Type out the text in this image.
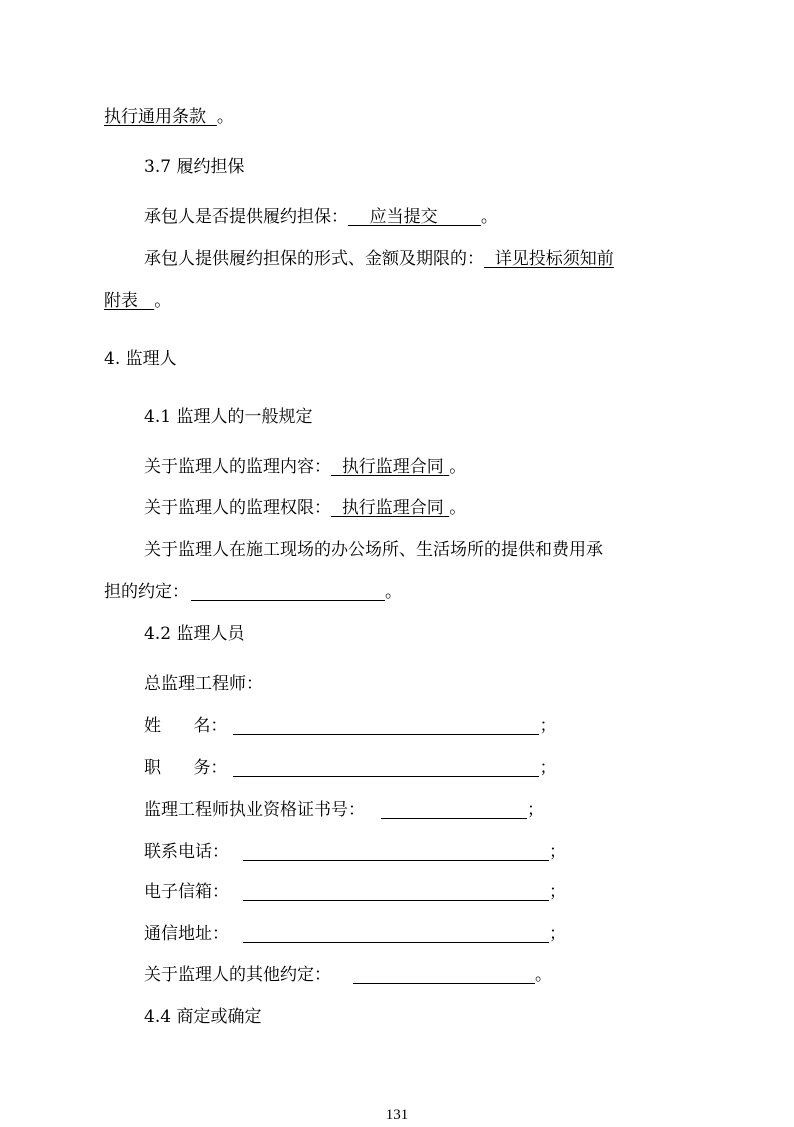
执行通用条款 。
3.7 履约担保
承包人是否提供履约担保： 应当提交	。
承包人提供履约担保的形式、金额及期限的： 详见投标须知前
附表 。
4. 监理人
4.1 监理人的一般规定
关于监理人的监理内容： 执行监理合同 。
关于监理人的监理权限： 执行监理合同 。
关于监理人在施工现场的办公场所、生活场所的提供和费用承
担的约定：	。
4.2 监理人员
总监理工程师：
姓 名：	；
职 务：	；
监理工程师执业资格证书号：	；
联系电话：	；
电子信箱：	；
通信地址：	；
关于监理人的其他约定：	。
4.4 商定或确定
131
